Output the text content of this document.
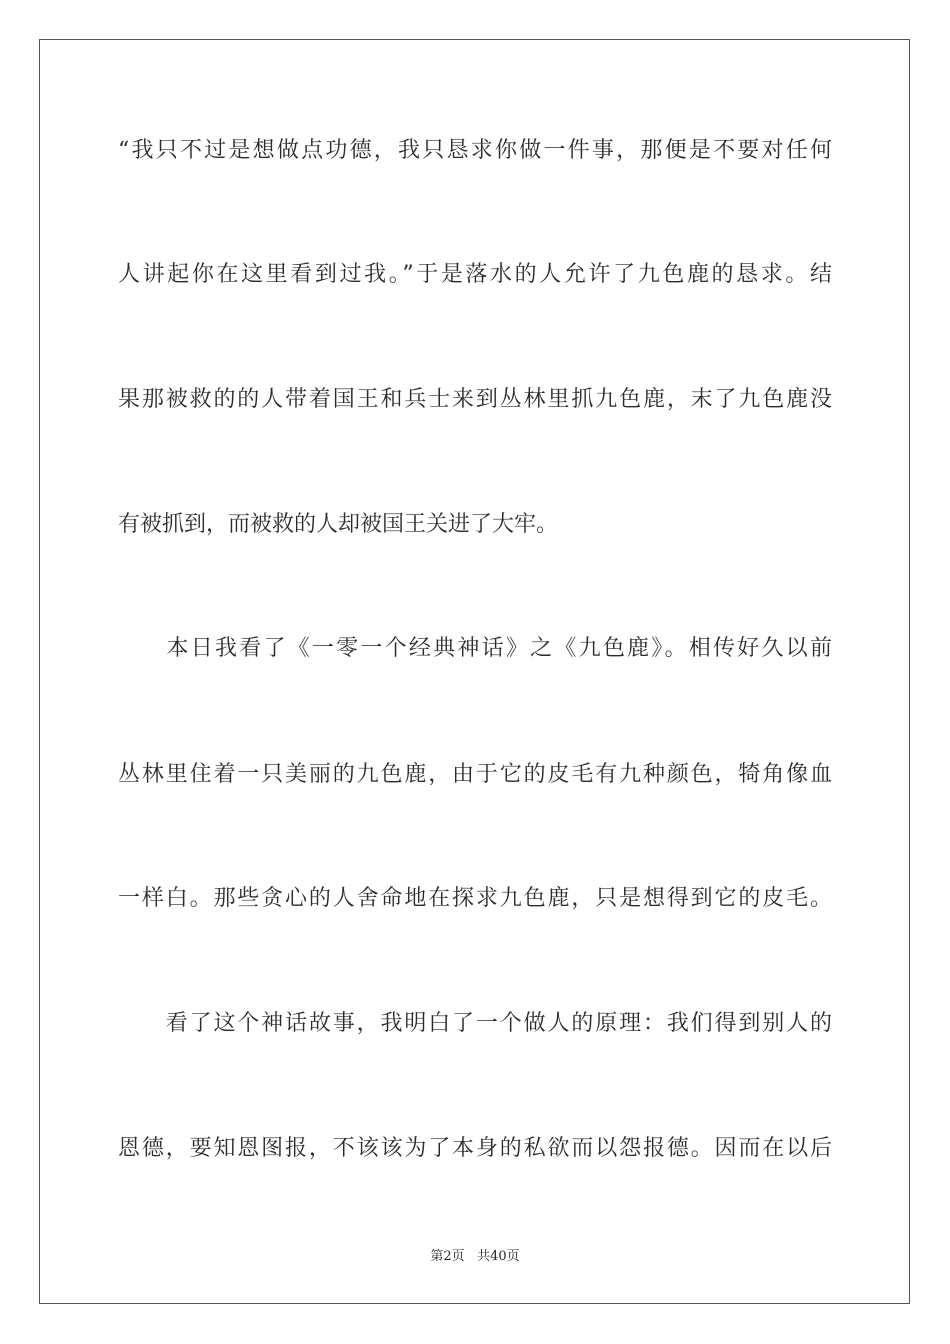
“我只不过是想做点功德，我只恳求你做一件事，那便是不要对任何
人讲起你在这里看到过我。”于是落水的人允许了九色鹿的恳求。结
果那被救的的人带着国王和兵士来到丛林里抓九色鹿，末了九色鹿没
有被抓到，而被救的人却被国王关进了大牢。
　　本日我看了《一零一个经典神话》之《九色鹿》。相传好久以前
丛林里住着一只美丽的九色鹿，由于它的皮毛有九种颜色，犄角像血
一样白。那些贪心的人舍命地在探求九色鹿，只是想得到它的皮毛。
　　看了这个神话故事，我明白了一个做人的原理：我们得到别人的
恩德，要知恩图报，不该该为了本身的私欲而以怨报德。因而在以后
第2页 共40页
